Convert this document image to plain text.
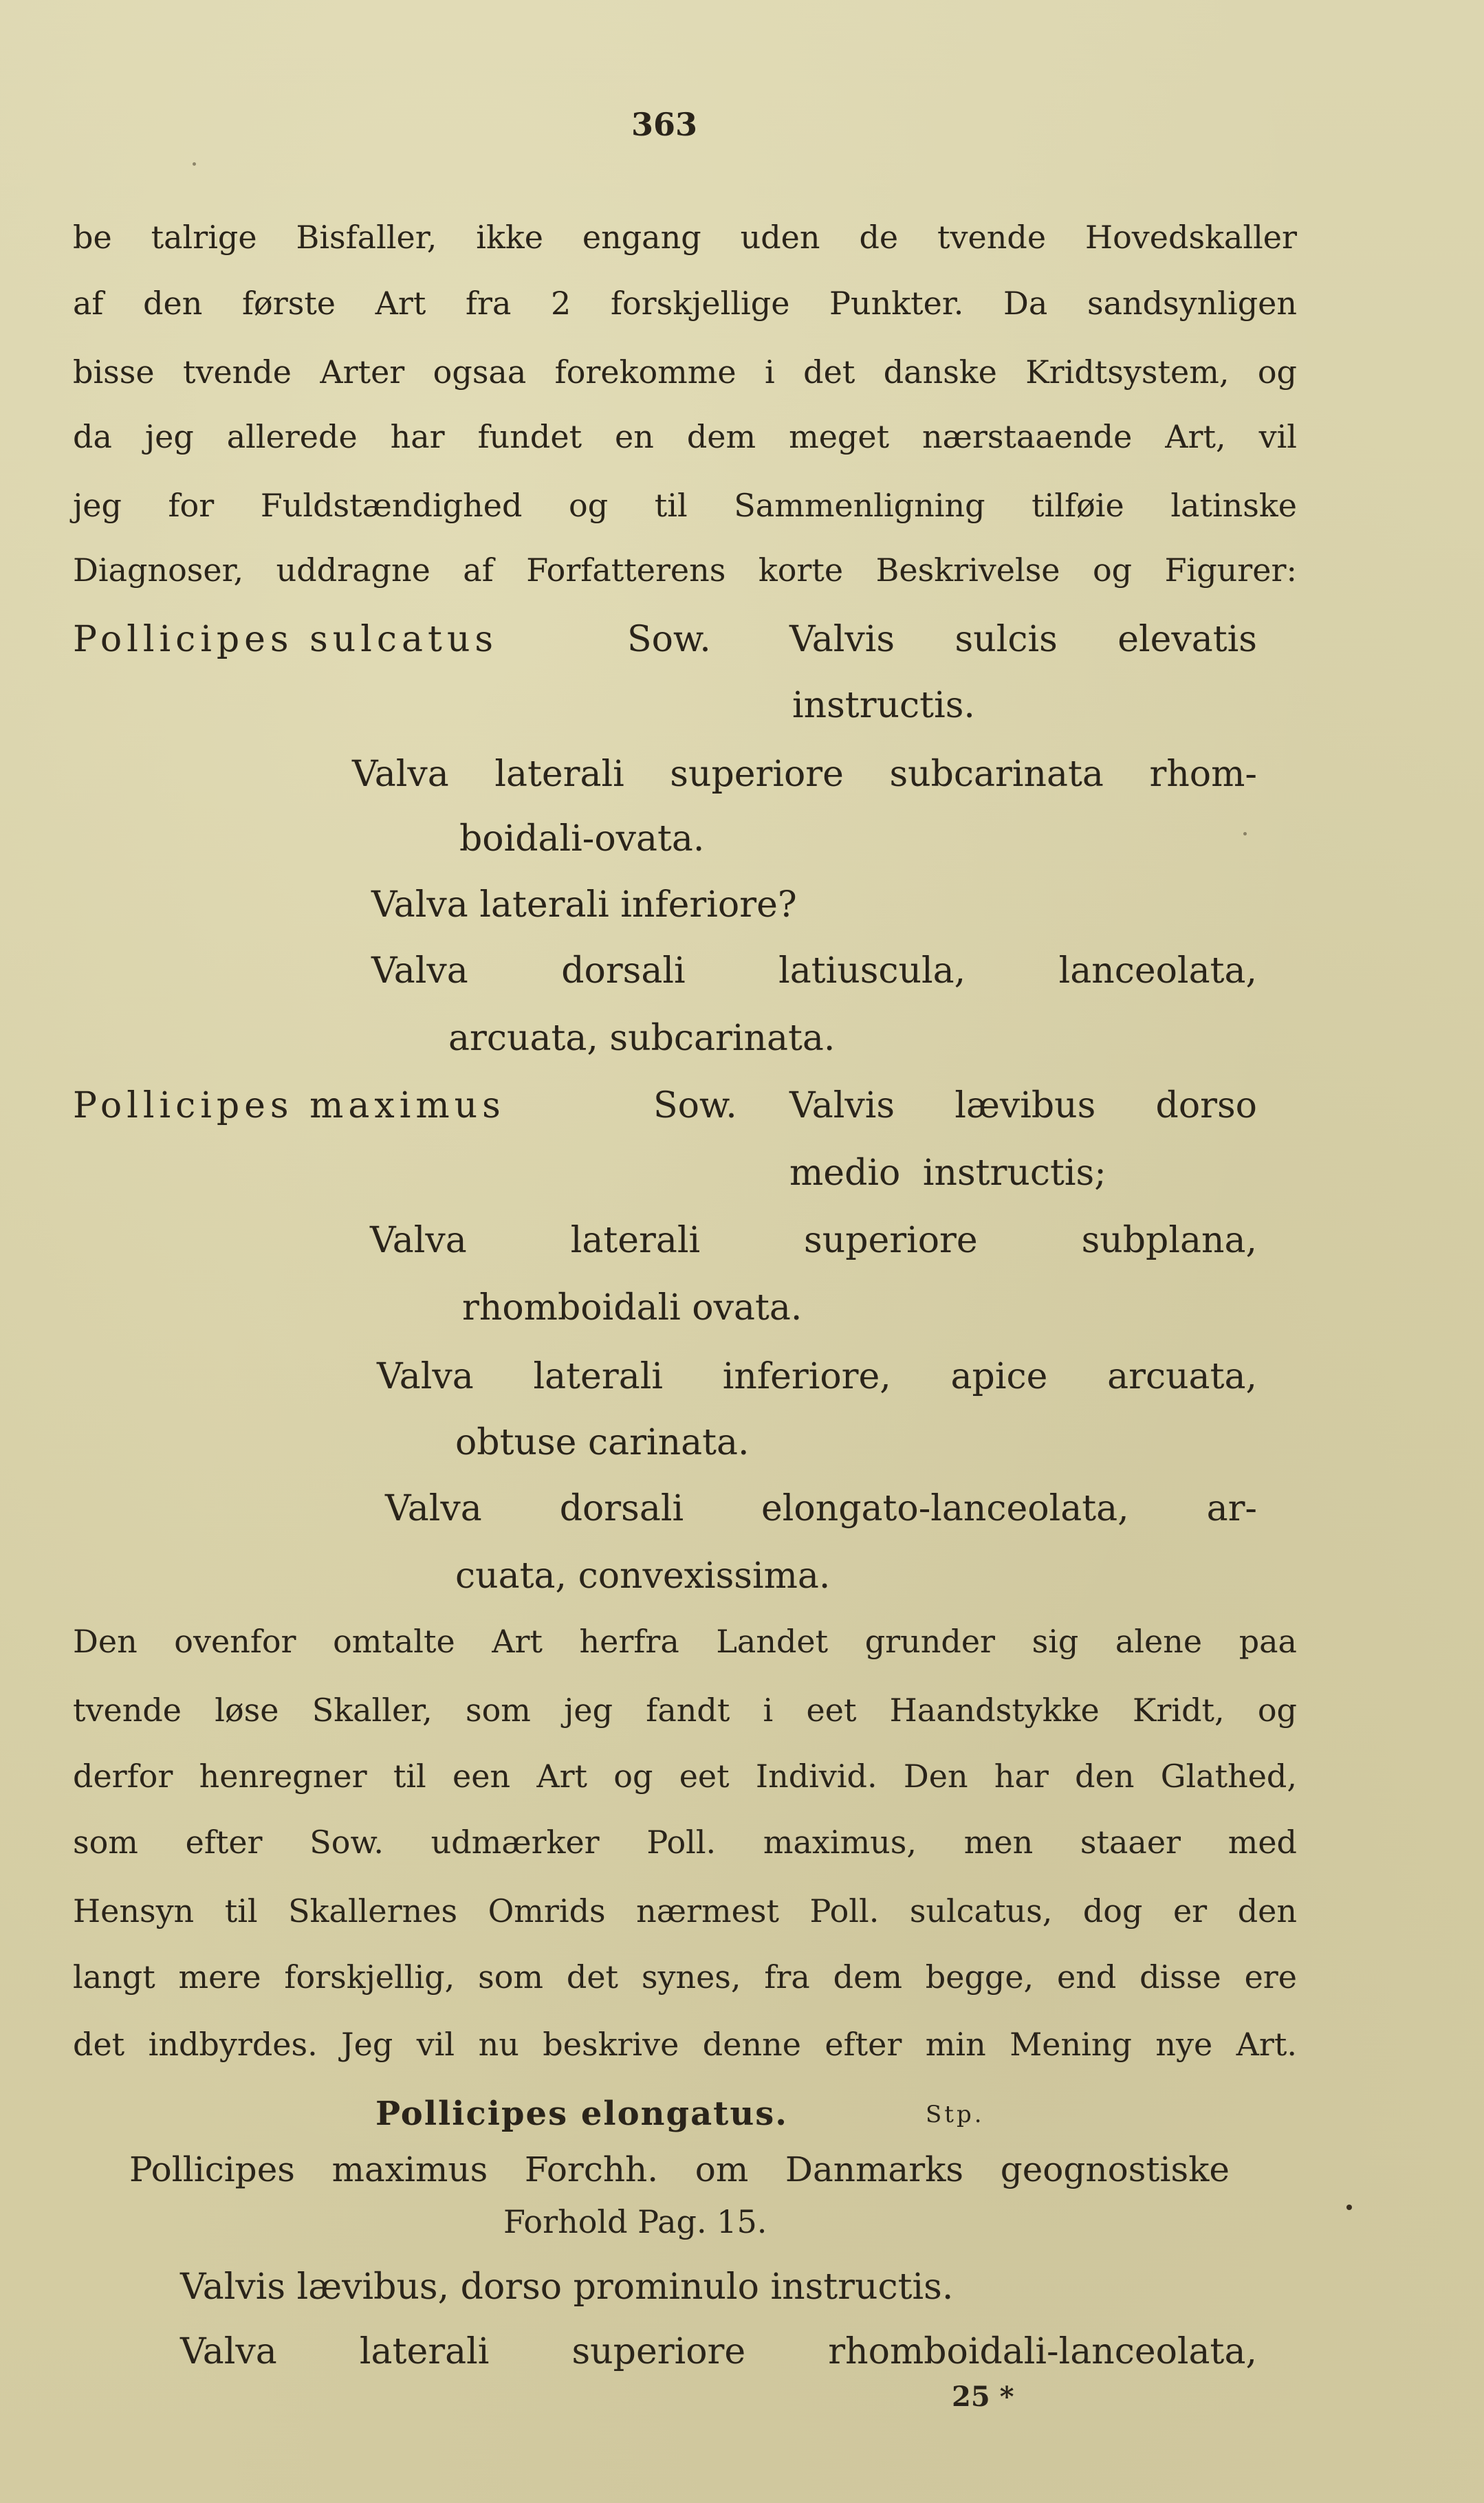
363
be talrige Bisfaller, ikke engang uden de tvende Hovedskaller
af den første Art fra 2 forskjellige Punkter. Da sandsynligen
bisse tvende Arter ogsaa forekomme i det danske Kridtsystem, og
da jeg allerede har fundet en dem meget nærstaaende Art, vil
jeg for Fuldstændighed og til Sammenligning tilføie latinske
Diagnoser, uddragne af Forfatterens korte Beskrivelse og Figurer:
Pollicipes sulcatus	Sow. Valvis sulcis elevatis
instructis.
Valva laterali superiore subcarinata rhom-
boidali-ovata.
Valva laterali inferiore?
Valva dorsali latiuscula, lanceolata,
arcuata, subcarinata.
Pollicipes maximus	Sow. Valvis lævibus dorso
medio instructis;
Valva laterali superiore subplana,
rhomboidali ovata.
Valva laterali inferiore, apice arcuata,
obtuse carinata.
Valva dorsali elongato-lanceolata, ar-
cuata, convexissima.
Den ovenfor omtalte Art herfra Landet grunder sig alene paa
tvende løse Skaller, som jeg fandt i eet Haandstykke Kridt, og
derfor henregner til een Art og eet Individ. Den har den Glathed,
som efter Sow. udmærker Poll. maximus, men staaer med
Hensyn til Skallernes Omrids nærmest Poll. sulcatus, dog er den
langt mere forskjellig, som det synes, fra dem begge, end disse ere
det indbyrdes. Jeg vil nu beskrive denne efter min Mening nye Art.
Pollicipes elongatus.	Stp.
Pollicipes maximus Forchh. om Danmarks geognostiske
Forhold Pag. 15.
Valvis lævibus, dorso prominulo instructis.
Valva laterali superiore rhomboidali-lanceolata,
25 *
